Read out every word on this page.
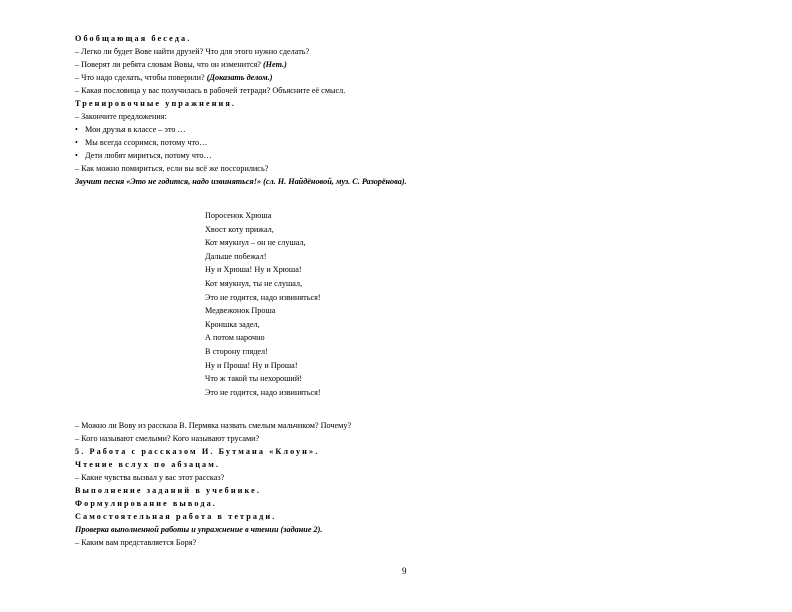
Обобщающая беседа.

– Легко ли будет Вове найти друзей? Что для этого нужно сделать?

– Поверят ли ребята словам Вовы, что он изменится? (Нет.)

– Что надо сделать, чтобы поверили? (Доказать делом.)

– Какая пословица у вас получилась в рабочей тетради? Объясните её смысл.

Тренировочные упражнения.

– Закончите предложения:

• Мои друзья в классе – это …

• Мы всегда ссоримся, потому что…

• Дети любят мириться, потому что…

– Как можно помириться, если вы всё же поссорились?

Звучит песня «Это не годится, надо извиняться!» (сл. Н. Найдёновой, муз. С. Разорёнова).

Поросенок Хрюша

Хвост коту прижал,

Кот мяукнул – он не слушал,

Дальше побежал!

Ну и Хрюша! Ну и Хрюша!

Кот мяукнул, ты не слушал,

Это не годится, надо извиняться!

Медвежонок Проша

Кроншка задел,

А потом нарочно

В сторону глядел!

Ну и Проша! Ну и Проша!

Что ж такой ты нехороший!

Это не годится, надо извиняться!

– Можно ли Вову из рассказа В. Пермяка назвать смелым мальчиком? Почему?

– Кого называют смелыми? Кого называют трусами?

5. Работа с рассказом И. Бутмана «Клоун».

Чтение вслух по абзацам.

– Какие чувства вызвал у вас этот рассказ?

Выполнение заданий в учебнике.

Формулирование вывода.

Самостоятельная работа в тетради.

Проверка выполненной работы и упражнение в чтении (задание 2).

– Каким вам представляется Боря?

9
